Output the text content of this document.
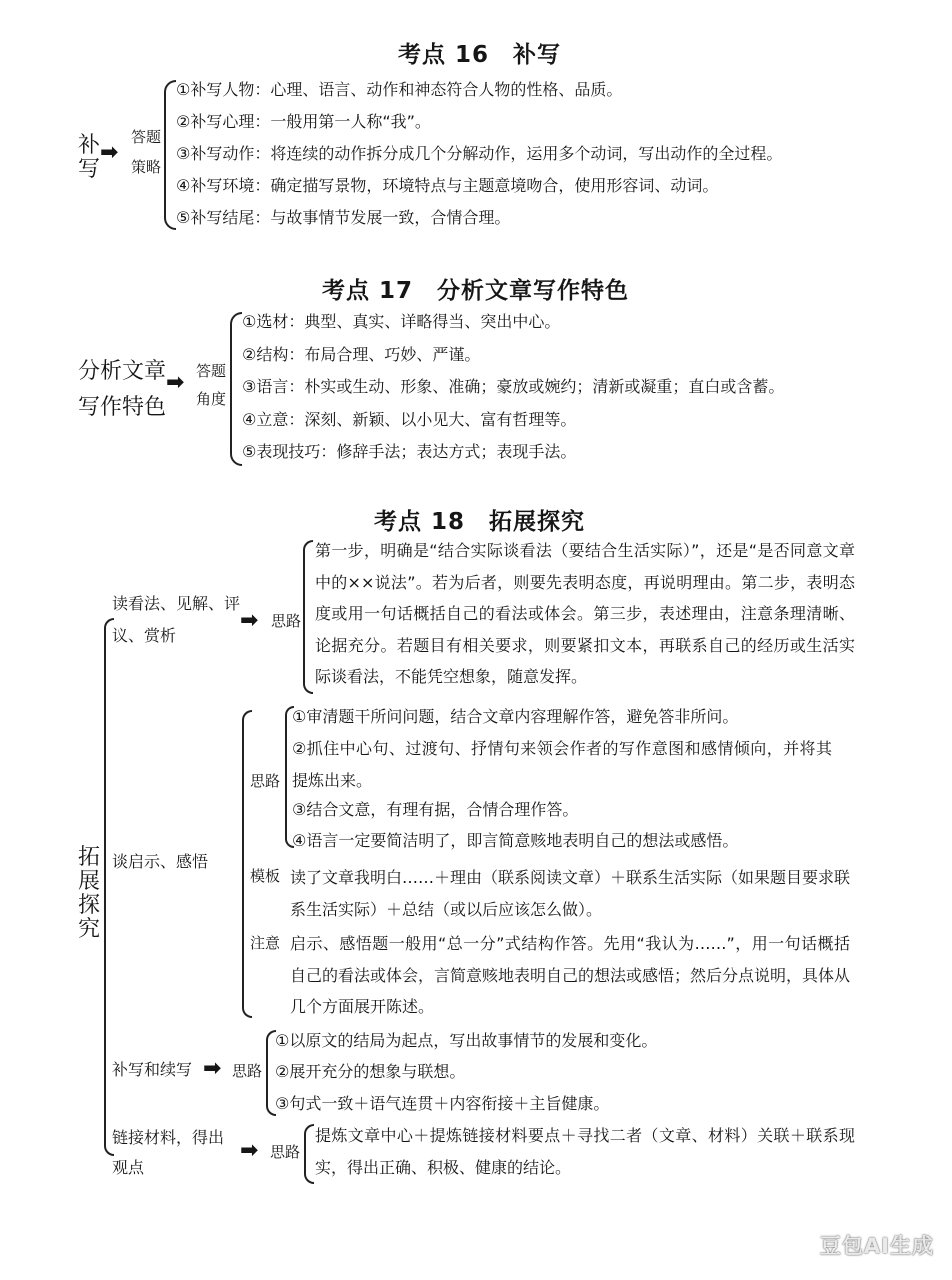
考点 16　补写
补
写
➡
答题
策略
①补写人物：心理、语言、动作和神态符合人物的性格、品质。
②补写心理：一般用第一人称“我”。
③补写动作：将连续的动作拆分成几个分解动作，运用多个动词，写出动作的全过程。
④补写环境：确定描写景物，环境特点与主题意境吻合，使用形容词、动词。
⑤补写结尾：与故事情节发展一致，合情合理。
考点 17　分析文章写作特色
分析文章
写作特色
➡ 答题
角度
①选材：典型、真实、详略得当、突出中心。
②结构：布局合理、巧妙、严谨。
③语言：朴实或生动、形象、准确；豪放或婉约；清新或凝重；直白或含蓄。
④立意：深刻、新颖、以小见大、富有哲理等。
⑤表现技巧：修辞手法；表达方式；表现手法。
考点 18　拓展探究
拓
展
探
究
读看法、见解、评
议、赏析
➡ 思路
第一步，明确是“结合实际谈看法（要结合生活实际）”，还是“是否同意文章中的××说法”。若为后者，则要先表明态度，再说明理由。第二步，表明态度或用一句话概括自己的看法或体会。第三步，表述理由，注意条理清晰、论据充分。若题目有相关要求，则要紧扣文本，再联系自己的经历或生活实际谈看法，不能凭空想象，随意发挥。
谈启示、感悟
思路
①审清题干所问问题，结合文章内容理解作答，避免答非所问。
②抓住中心句、过渡句、抒情句来领会作者的写作意图和感情倾向，并将其提炼出来。
③结合文意，有理有据，合情合理作答。
④语言一定要简洁明了，即言简意赅地表明自己的想法或感悟。
模板 读了文章我明白……＋理由（联系阅读文章）＋联系生活实际（如果题目要求联系生活实际）＋总结（或以后应该怎么做）。
注意 启示、感悟题一般用“总一分”式结构作答。先用“我认为……”，用一句话概括自己的看法或体会，言简意赅地表明自己的想法或感悟；然后分点说明，具体从几个方面展开陈述。
补写和续写 ➡ 思路
①以原文的结局为起点，写出故事情节的发展和变化。
②展开充分的想象与联想。
③句式一致＋语气连贯＋内容衔接＋主旨健康。
链接材料，得出
观点
➡ 思路
提炼文章中心＋提炼链接材料要点＋寻找二者（文章、材料）关联＋联系现实，得出正确、积极、健康的结论。
豆包AI生成
